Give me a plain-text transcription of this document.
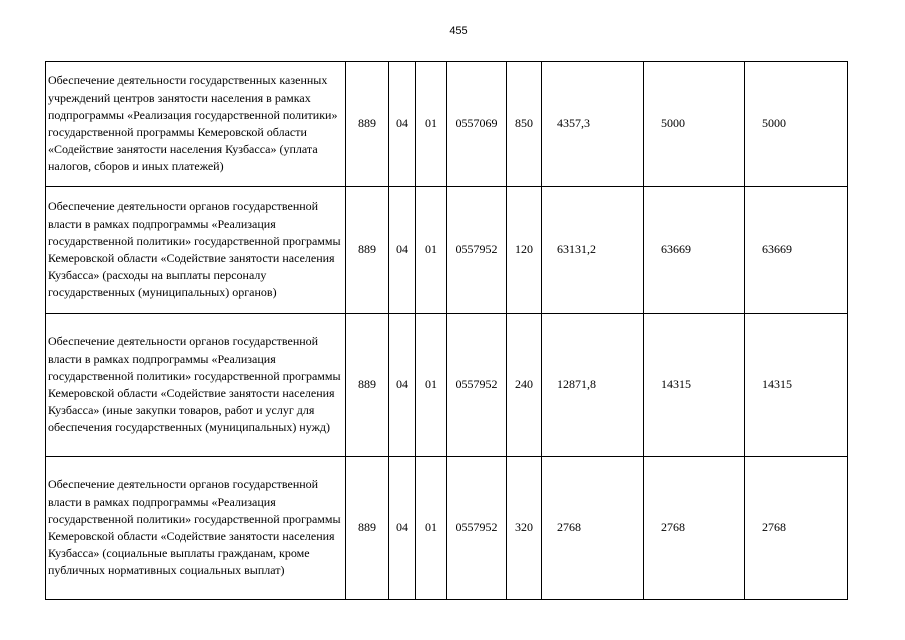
455
Обеспечение деятельности государственных казенных учреждений центров занятости населения в рамках подпрограммы «Реализация государственной политики» государственной программы Кемеровской области «Содействие занятости населения Кузбасса» (уплата налогов, сборов и иных платежей)	889	04	01	0557069	850	4357,3	5000	5000
Обеспечение деятельности органов государственной власти в рамках подпрограммы «Реализация государственной политики» государственной программы Кемеровской области «Содействие занятости населения Кузбасса» (расходы на выплаты персоналу государственных (муниципальных) органов)	889	04	01	0557952	120	63131,2	63669	63669
Обеспечение деятельности органов государственной власти в рамках подпрограммы «Реализация государственной политики» государственной программы Кемеровской области «Содействие занятости населения Кузбасса» (иные закупки товаров, работ и услуг для обеспечения государственных (муниципальных) нужд)	889	04	01	0557952	240	12871,8	14315	14315
Обеспечение деятельности органов государственной власти в рамках подпрограммы «Реализация государственной политики» государственной программы Кемеровской области «Содействие занятости населения Кузбасса» (социальные выплаты гражданам, кроме публичных нормативных социальных выплат)	889	04	01	0557952	320	2768	2768	2768
